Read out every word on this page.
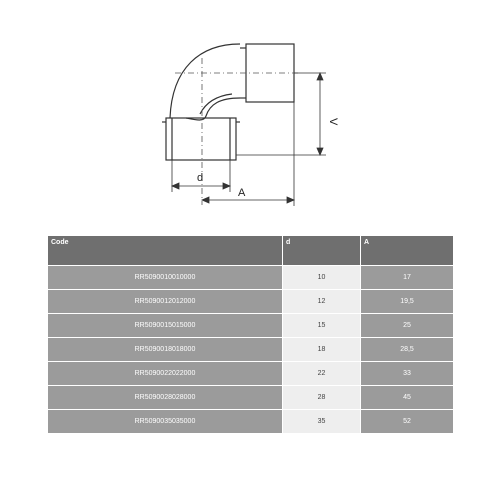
d
A
V
Code	d	A
RR5090010010000	10	17
RR5090012012000	12	19,5
RR5090015015000	15	25
RR5090018018000	18	28,5
RR5090022022000	22	33
RR5090028028000	28	45
RR5090035035000	35	52
